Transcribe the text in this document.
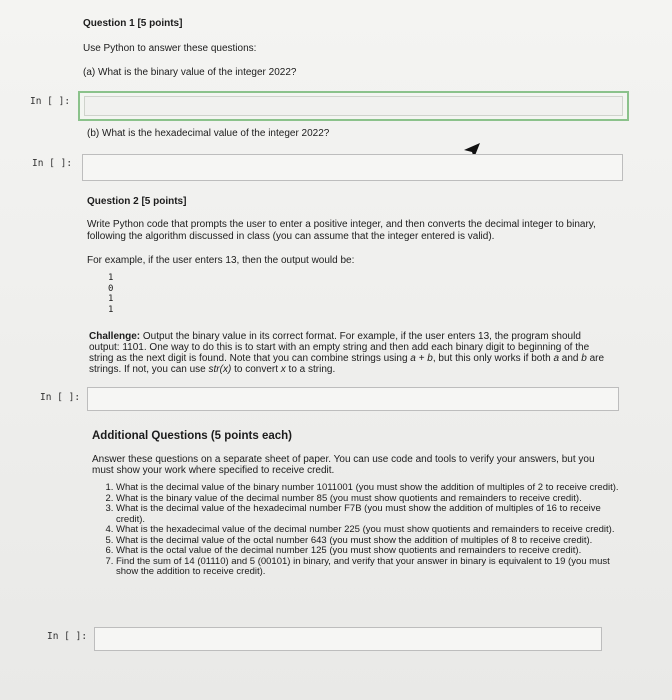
Question 1 [5 points]
Use Python to answer these questions:
(a) What is the binary value of the integer 2022?
In [ ]:
(b) What is the hexadecimal value of the integer 2022?
In [ ]:
Question 2 [5 points]
Write Python code that prompts the user to enter a positive integer, and then converts the decimal integer to binary, following the algorithm discussed in class (you can assume that the integer entered is valid).
For example, if the user enters 13, then the output would be:
1
0
1
1
Challenge: Output the binary value in its correct format. For example, if the user enters 13, the program should output: 1101. One way to do this is to start with an empty string and then add each binary digit to beginning of the string as the next digit is found. Note that you can combine strings using a + b, but this only works if both a and b are strings. If not, you can use str(x) to convert x to a string.
In [ ]:
Additional Questions (5 points each)
Answer these questions on a separate sheet of paper. You can use code and tools to verify your answers, but you must show your work where specified to receive credit.
1. What is the decimal value of the binary number 1011001 (you must show the addition of multiples of 2 to receive credit).
2. What is the binary value of the decimal number 85 (you must show quotients and remainders to receive credit).
3. What is the decimal value of the hexadecimal number F7B (you must show the addition of multiples of 16 to receive credit).
4. What is the hexadecimal value of the decimal number 225 (you must show quotients and remainders to receive credit).
5. What is the decimal value of the octal number 643 (you must show the addition of multiples of 8 to receive credit).
6. What is the octal value of the decimal number 125 (you must show quotients and remainders to receive credit).
7. Find the sum of 14 (01110) and 5 (00101) in binary, and verify that your answer in binary is equivalent to 19 (you must show the addition to receive credit).
In [ ]:
